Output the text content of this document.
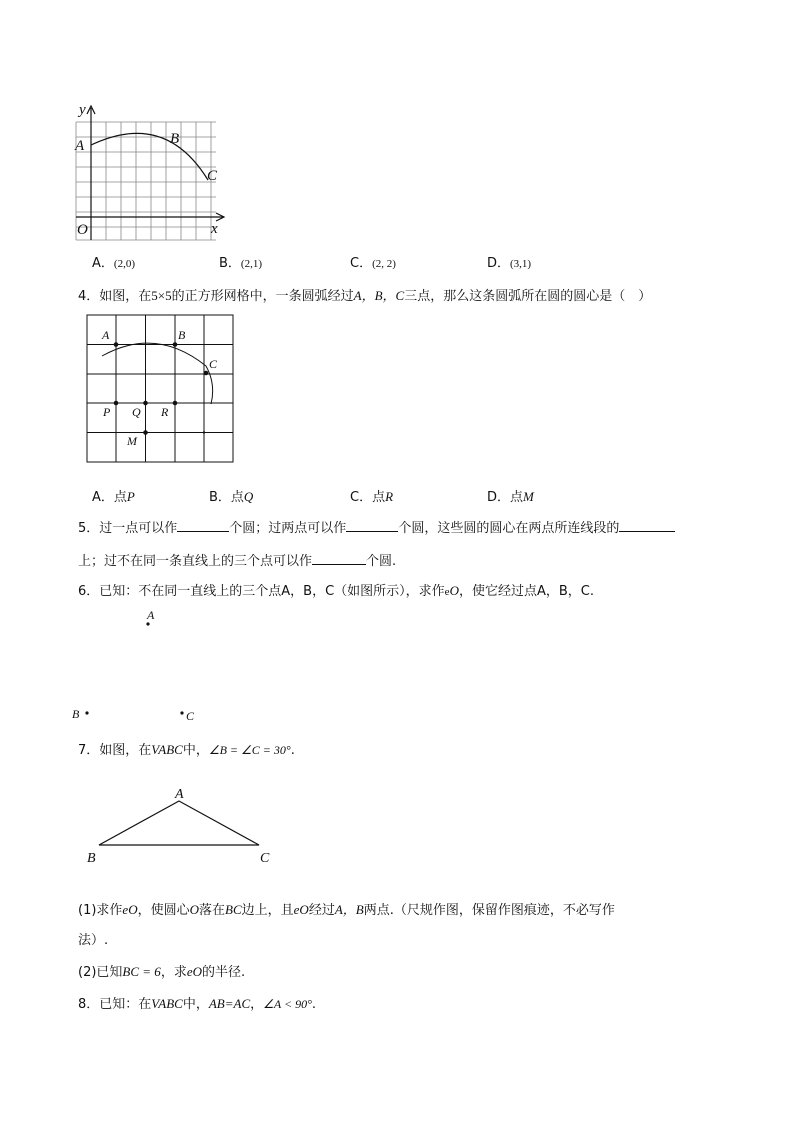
y
A	B
C
O	x
A．(2,0)	B．(2,1)	C．(2, 2)	D．(3,1)
4．如图，在5×5的正方形网格中，一条圆弧经过A，B，C三点，那么这条圆弧所在圆的圆心是（　）
A	B
C
P Q R
M
A．点P	B．点Q	C．点R	D．点M
5．过一点可以作	个圆；过两点可以作	个圆，这些圆的圆心在两点所连线段的
上；过不在同一条直线上的三个点可以作	个圆.
6．已知：不在同一直线上的三个点A，B，C（如图所示），求作eO，使它经过点A，B，C.
A
B	C
7．如图，在VABC中，∠B = ∠C = 30°.
A
B	C
(1)求作eO，使圆心O落在BC边上，且eO经过A，B两点.（尺规作图，保留作图痕迹，不必写作
法）.
(2)已知BC = 6，求eO的半径.
8．已知：在VABC中，AB=AC，∠A < 90°.
